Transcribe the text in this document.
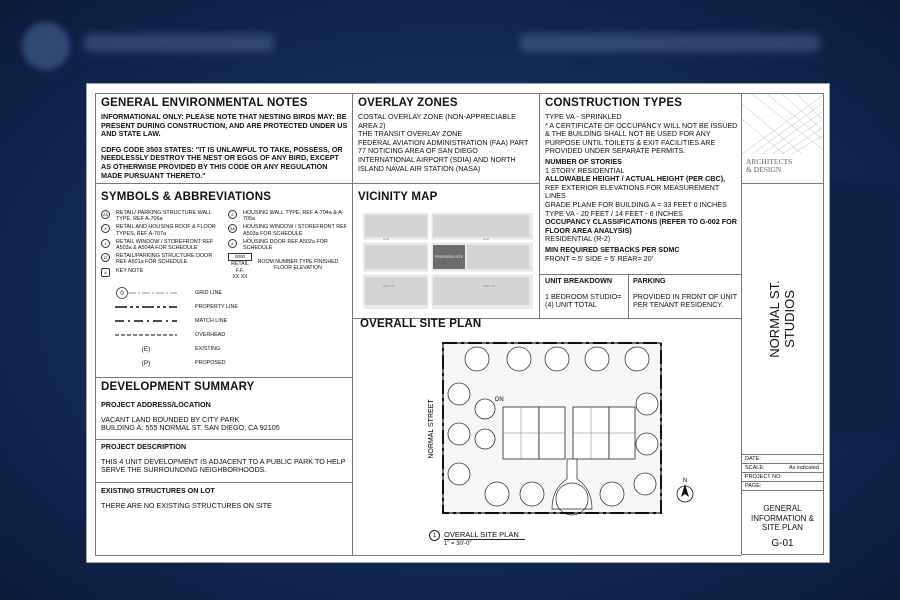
GENERAL ENVIRONMENTAL NOTES
INFORMATIONAL ONLY: PLEASE NOTE THAT NESTING BIRDS MAY: BE PRESENT DURING CONSTRUCTION, AND ARE PROTECTED UNDER US AND STATE LAW.
CDFG CODE 3503 STATES: "IT IS UNLAWFUL TO TAKE, POSSESS, OR NEEDLESSLY DESTROY THE NEST OR EGGS OF ANY BIRD, EXCEPT AS OTHERWISE PROVIDED BY THIS CODE OR ANY REGULATION MADE PURSUANT THERETO."
SYMBOLS & ABBREVIATIONS
A5	RETAIL/ PARKING STRUCTURE WALL TYPE, REF A-706a
X	RETAIL AND HOUSING ROOF & FLOOR TYPES, REF A-707a
1	RETAIL WINDOW / STOREFRONT REF A503a & A504A FOR SCHEDULE
D	RETAIL/PARKING STRUCTURE DOOR REF A501a FOR SCHEDULE
#	KEY NOTE
2	HOUSING WALL TYPE, REF A-704a & A-705a
5A	HOUSING WINDOW / STOREFRONT REF A503a FOR SCHEDULE
8	HOUSING DOOR REF A502a FOR SCHEDULE
0000
RETAIL
F.F. XX.XX
ROOM NUMBER TYPE FINISHED FLOOR ELEVATION
0	GRID LINE
PROPERTY LINE
MATCH LINE
OVERHEAD
(E)	EXISTING
(P)	PROPOSED
DEVELOPMENT SUMMARY
PROJECT ADDRESS/LOCATION
VACANT LAND BOUNDED BY CITY PARK
BUILDING A: 555 NORMAL ST. SAN DIEGO, CA 92105
PROJECT DESCRIPTION
THIS 4 UNIT DEVELOPMENT IS ADJACENT TO A PUBLIC PARK TO HELP SERVE THE SURROUNDING NEIGHBORHOODS.
EXISTING STRUCTURES ON LOT
THERE ARE NO EXISTING STRUCTURES ON SITE
OVERLAY ZONES
COSTAL OVERLAY ZONE (NON-APPRECIABLE AREA 2)
THE TRANSIT OVERLAY ZONE
FEDERAL AVIATION ADMINISTRATION (FAA) PART 77 NOTICING AREA OF SAN DIEGO INTERNATIONAL AIRPORT (SDIA) AND NORTH ISLAND NAVAL AIR STATION (NASA)
VICINITY MAP
PROPOSED SITE
ELM	ELM
MALL ST	MALL ST
CONSTRUCTION TYPES
TYPE VA - SPRINKLED
* A CERTIFICATE OF OCCUPANCY WILL NOT BE ISSUED & THE BUILDING SHALL NOT BE USED FOR ANY PURPOSE UNTIL TOILETS & EXIT FACILITIES ARE PROVIDED UNDER SEPARATE PERMITS.
NUMBER OF STORIES
1 STORY RESIDENTIAL
ALLOWABLE HEIGHT / ACTUAL HEIGHT (PER CBC),
REF EXTERIOR ELEVATIONS FOR MEASUREMENT LINES
GRADE PLANE FOR BUILDING A = 33 FEET 0 INCHES
TYPE VA - 20 FEET / 14 FEET - 6 INCHES
OCCUPANCY CLASSIFICATIONS (REFER TO G-002 FOR FLOOR AREA ANALYSIS)
RESIDENTIAL (R-2)
MIN REQUIRED SETBACKS PER SDMC
FRONT = 5' SIDE = 5' REAR= 20'
UNIT BREAKDOWN
1 BEDROOM STUDIO= (4) UNIT TOTAL
PARKING
PROVIDED IN FRONT OF UNIT PER TENANT RESIDENCY.
OVERALL SITE PLAN
DN
NORMAL STREET
N
1	OVERALL SITE PLAN
1" = 30'-0"
ARCHITECTS
& DESIGN
NORMAL ST. STUDIOS
DATE:
SCALE:	As indicated
PROJECT NO:
PAGE:
GENERAL INFORMATION & SITE PLAN
G-01
